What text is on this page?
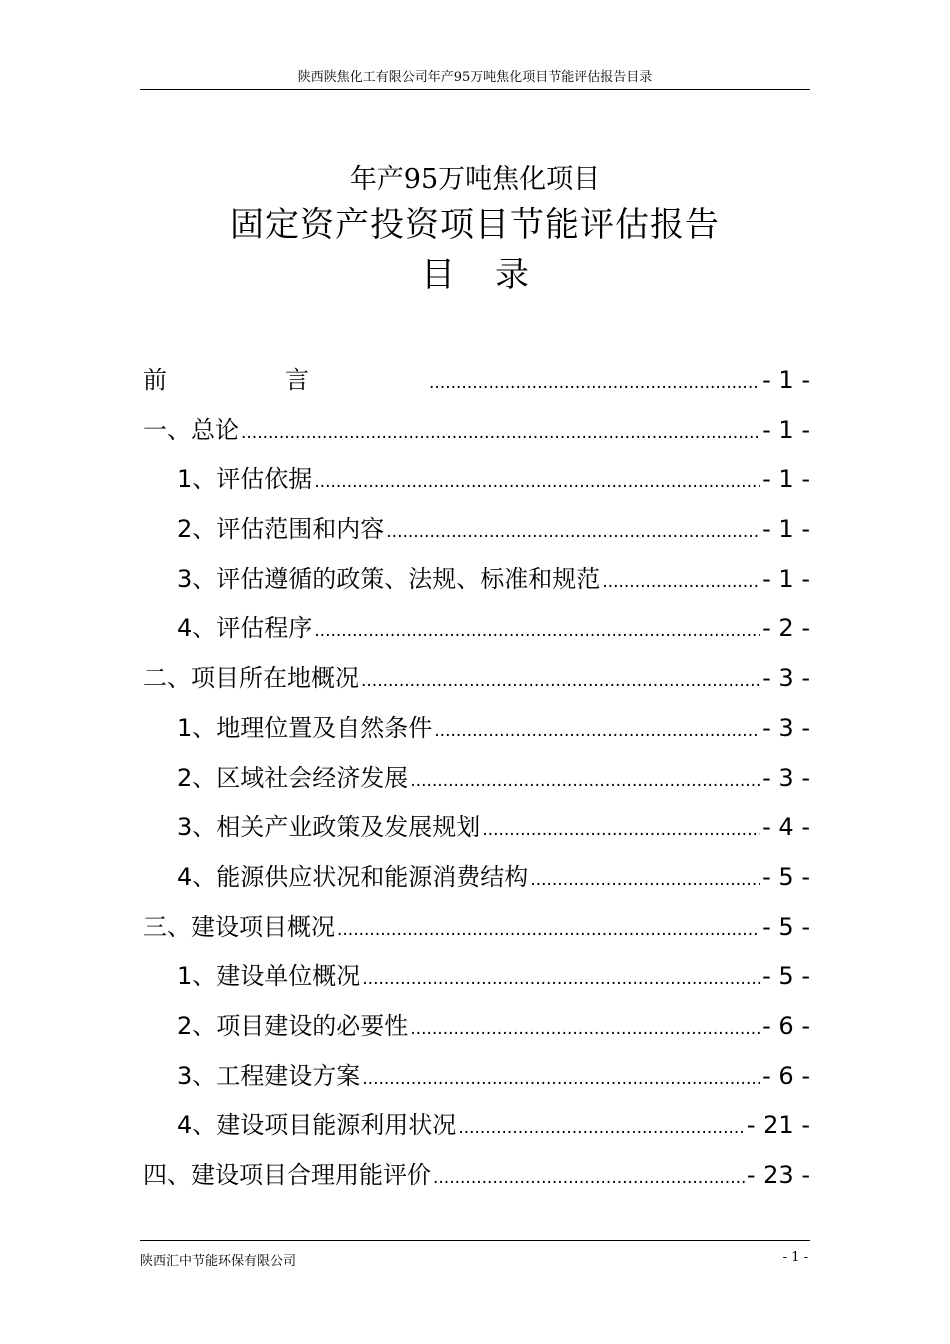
陕西陕焦化工有限公司年产95万吨焦化项目节能评估报告目录
年产95万吨焦化项目
固定资产投资项目节能评估报告
目录
前言 .....	- 1 -
一、总论 .....	- 1 -
1、评估依据 .....	- 1 -
2、评估范围和内容 .....	- 1 -
3、评估遵循的政策、法规、标准和规范 .....	- 1 -
4、评估程序 .....	- 2 -
二、项目所在地概况 .....	- 3 -
1、地理位置及自然条件 .....	- 3 -
2、区域社会经济发展 .....	- 3 -
3、相关产业政策及发展规划 .....	- 4 -
4、能源供应状况和能源消费结构 .....	- 5 -
三、建设项目概况 .....	- 5 -
1、建设单位概况 .....	- 5 -
2、项目建设的必要性 .....	- 6 -
3、工程建设方案 .....	- 6 -
4、建设项目能源利用状况 .....	- 21 -
四、建设项目合理用能评价 .....	- 23 -
陕西汇中节能环保有限公司	- 1 -
